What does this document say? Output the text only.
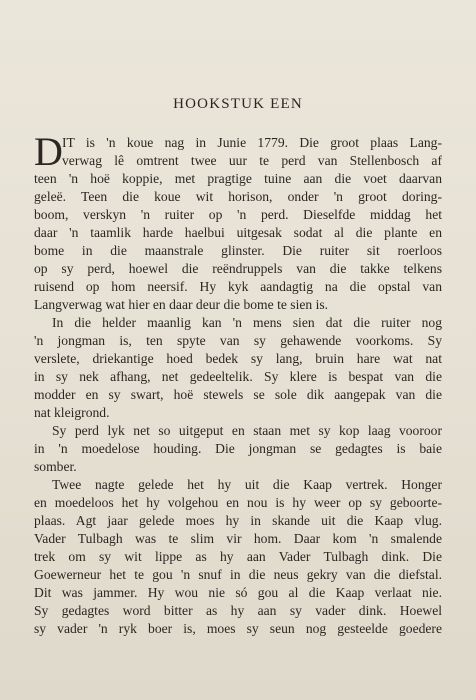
HOOKSTUK EEN
IT is 'n koue nag in Junie 1779. Die groot plaas Lang-
verwag lê omtrent twee uur te perd van Stellenbosch af
teen 'n hoë koppie, met pragtige tuine aan die voet daarvan
geleë. Teen die koue wit horison, onder 'n groot doring-
boom, verskyn 'n ruiter op 'n perd. Dieselfde middag het
daar 'n taamlik harde haelbui uitgesak sodat al die plante en
bome in die maanstrale glinster. Die ruiter sit roerloos
op sy perd, hoewel die reëndruppels van die takke telkens
ruisend op hom neersif. Hy kyk aandagtig na die opstal van
Langverwag wat hier en daar deur die bome te sien is.
D
In die helder maanlig kan 'n mens sien dat die ruiter nog
'n jongman is, ten spyte van sy gehawende voorkoms. Sy
verslete, driekantige hoed bedek sy lang, bruin hare wat nat
in sy nek afhang, net gedeeltelik. Sy klere is bespat van die
modder en sy swart, hoë stewels se sole dik aangepak van die
nat kleigrond.
Sy perd lyk net so uitgeput en staan met sy kop laag vooroor
in 'n moedelose houding. Die jongman se gedagtes is baie
somber.
Twee nagte gelede het hy uit die Kaap vertrek. Honger
en moedeloos het hy volgehou en nou is hy weer op sy geboorte-
plaas. Agt jaar gelede moes hy in skande uit die Kaap vlug.
Vader Tulbagh was te slim vir hom. Daar kom 'n smalende
trek om sy wit lippe as hy aan Vader Tulbagh dink. Die
Goewerneur het te gou 'n snuf in die neus gekry van die diefstal.
Dit was jammer. Hy wou nie só gou al die Kaap verlaat nie.
Sy gedagtes word bitter as hy aan sy vader dink. Hoewel
sy vader 'n ryk boer is, moes sy seun nog gesteelde goedere
